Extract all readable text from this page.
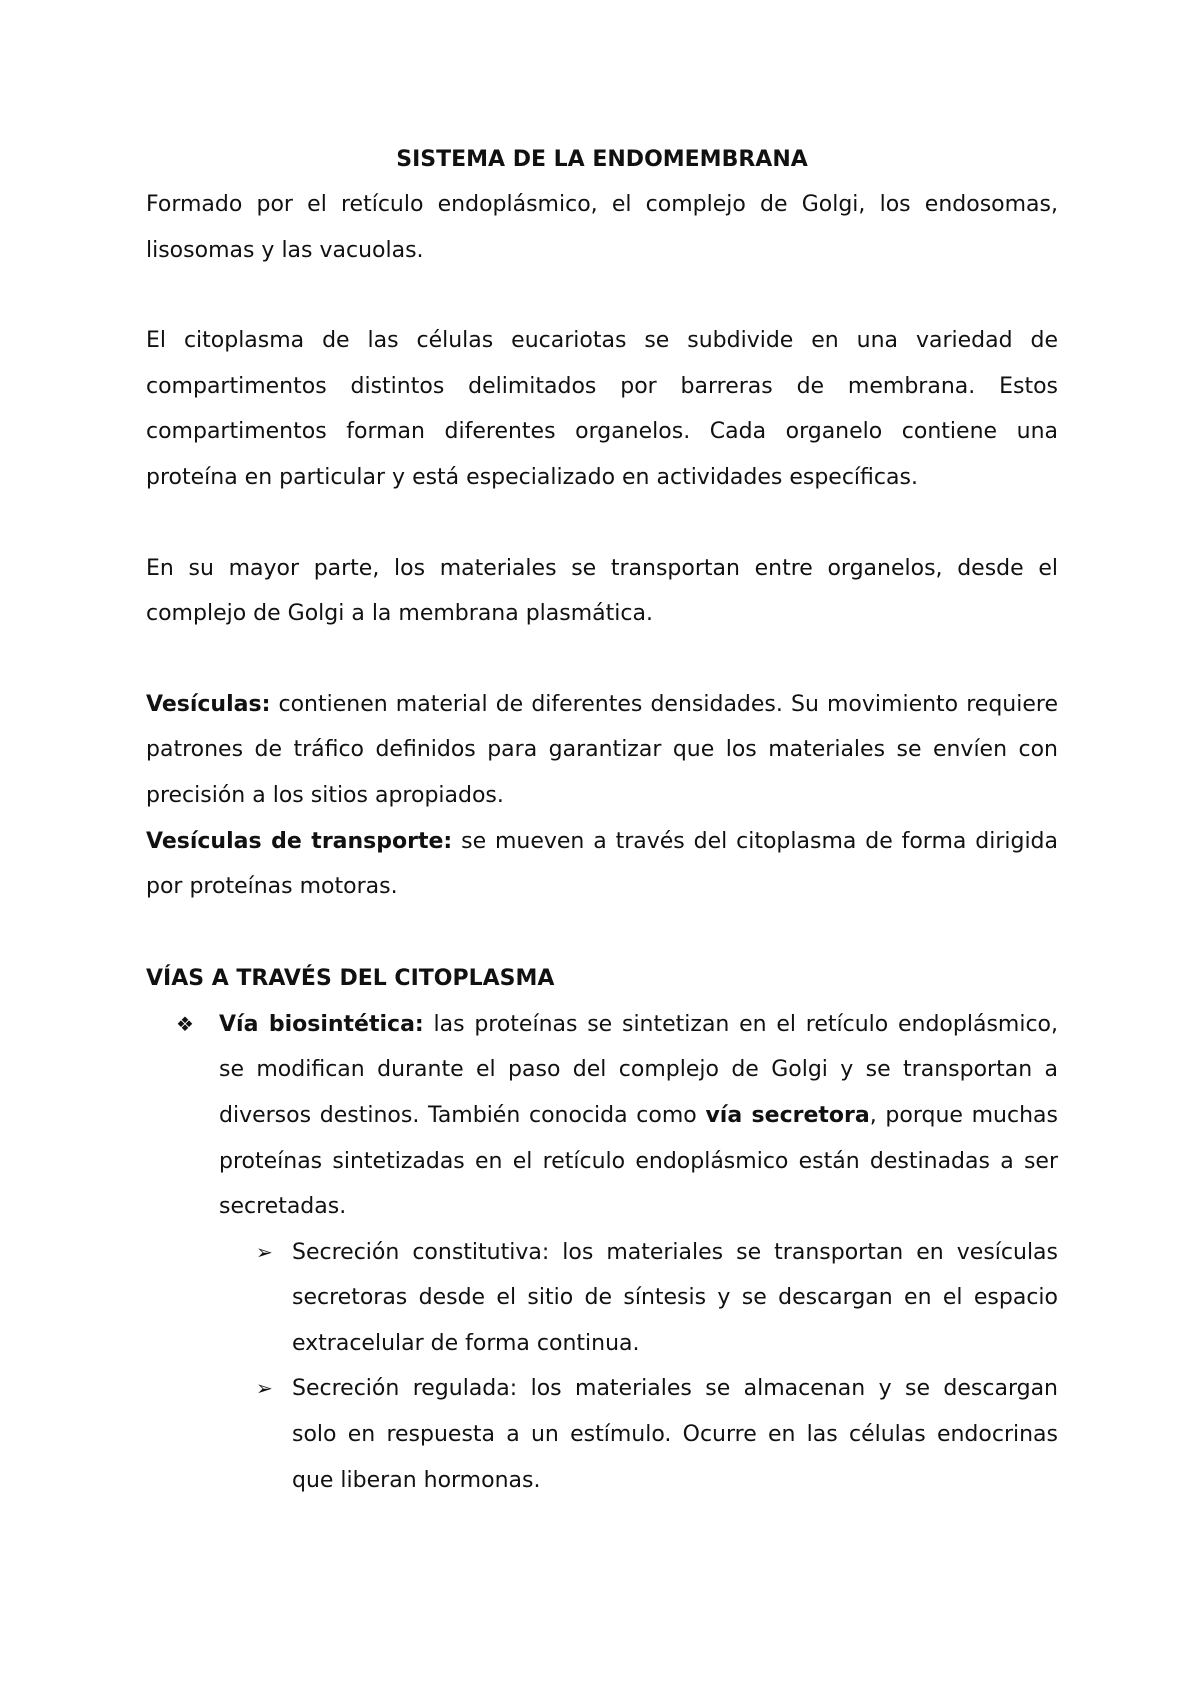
SISTEMA DE LA ENDOMEMBRANA

Formado por el retículo endoplásmico, el complejo de Golgi, los endosomas, lisosomas y las vacuolas.

El citoplasma de las células eucariotas se subdivide en una variedad de compartimentos distintos delimitados por barreras de membrana. Estos compartimentos forman diferentes organelos. Cada organelo contiene una proteína en particular y está especializado en actividades específicas.

En su mayor parte, los materiales se transportan entre organelos, desde el complejo de Golgi a la membrana plasmática.

Vesículas: contienen material de diferentes densidades. Su movimiento requiere patrones de tráfico definidos para garantizar que los materiales se envíen con precisión a los sitios apropiados.

Vesículas de transporte: se mueven a través del citoplasma de forma dirigida por proteínas motoras.

VÍAS A TRAVÉS DEL CITOPLASMA
❖ Vía biosintética: las proteínas se sintetizan en el retículo endoplásmico, se modifican durante el paso del complejo de Golgi y se transportan a diversos destinos. También conocida como vía secretora, porque muchas proteínas sintetizadas en el retículo endoplásmico están destinadas a ser secretadas.

➢ Secreción constitutiva: los materiales se transportan en vesículas secretoras desde el sitio de síntesis y se descargan en el espacio extracelular de forma continua.

➢ Secreción regulada: los materiales se almacenan y se descargan solo en respuesta a un estímulo. Ocurre en las células endocrinas que liberan hormonas.
